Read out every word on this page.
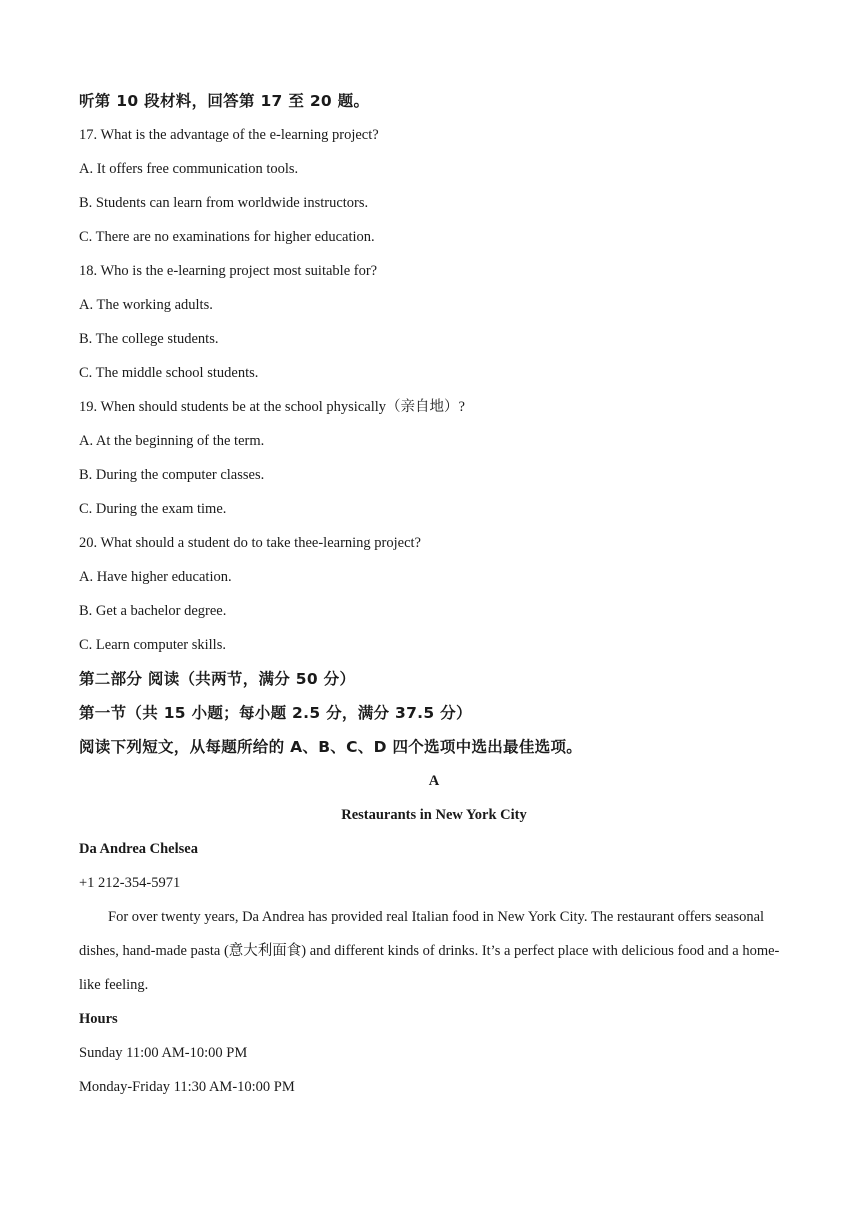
听第 10 段材料，回答第 17 至 20 题。
17. What is the advantage of the e-learning project?
A. It offers free communication tools.
B. Students can learn from worldwide instructors.
C. There are no examinations for higher education.
18. Who is the e-learning project most suitable for?
A. The working adults.
B. The college students.
C. The middle school students.
19. When should students be at the school physically（亲自地）?
A. At the beginning of the term.
B. During the computer classes.
C. During the exam time.
20. What should a student do to take thee-learning project?
A. Have higher education.
B. Get a bachelor degree.
C. Learn computer skills.
第二部分 阅读（共两节，满分 50 分）
第一节（共 15 小题；每小题 2.5 分，满分 37.5 分）
阅读下列短文，从每题所给的 A、B、C、D 四个选项中选出最佳选项。
A
Restaurants in New York City
Da Andrea Chelsea
+1 212-354-5971
For over twenty years, Da Andrea has provided real Italian food in New York City. The restaurant offers seasonal dishes, hand-made pasta (意大利面食) and different kinds of drinks. It’s a perfect place with delicious food and a home-like feeling.
Hours
Sunday 11:00 AM-10:00 PM
Monday-Friday 11:30 AM-10:00 PM
